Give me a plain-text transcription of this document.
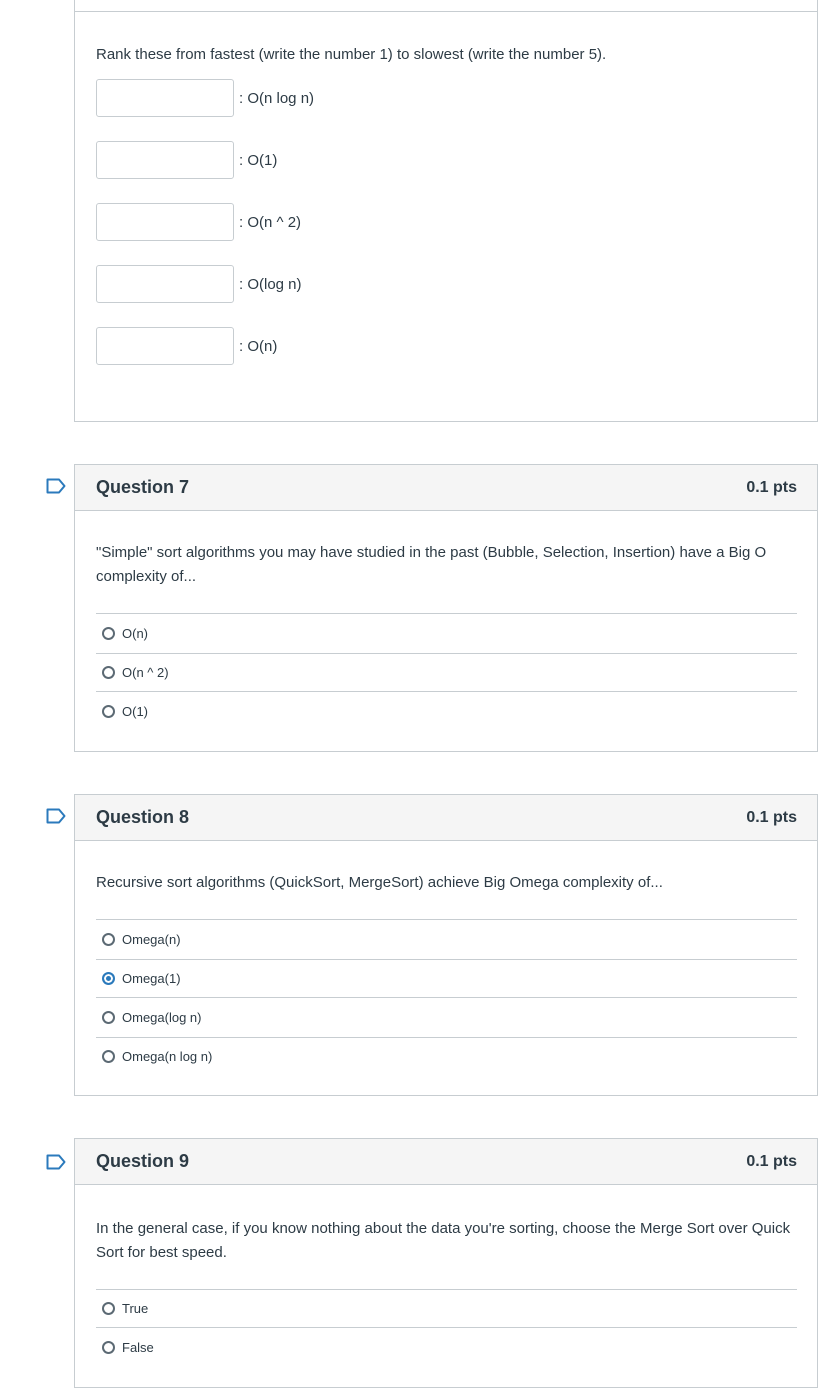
Rank these from fastest (write the number 1) to slowest (write the number 5).
: O(n log n)
: O(1)
: O(n ^ 2)
: O(log n)
: O(n)
Question 7	0.1 pts
"Simple" sort algorithms you may have studied in the past (Bubble, Selection, Insertion) have a Big O complexity of...
O(n)
O(n ^ 2)
O(1)
Question 8	0.1 pts
Recursive sort algorithms (QuickSort, MergeSort) achieve Big Omega complexity of...
Omega(n)
Omega(1)
Omega(log n)
Omega(n log n)
Question 9	0.1 pts
In the general case, if you know nothing about the data you're sorting, choose the Merge Sort over Quick Sort for best speed.
True
False
